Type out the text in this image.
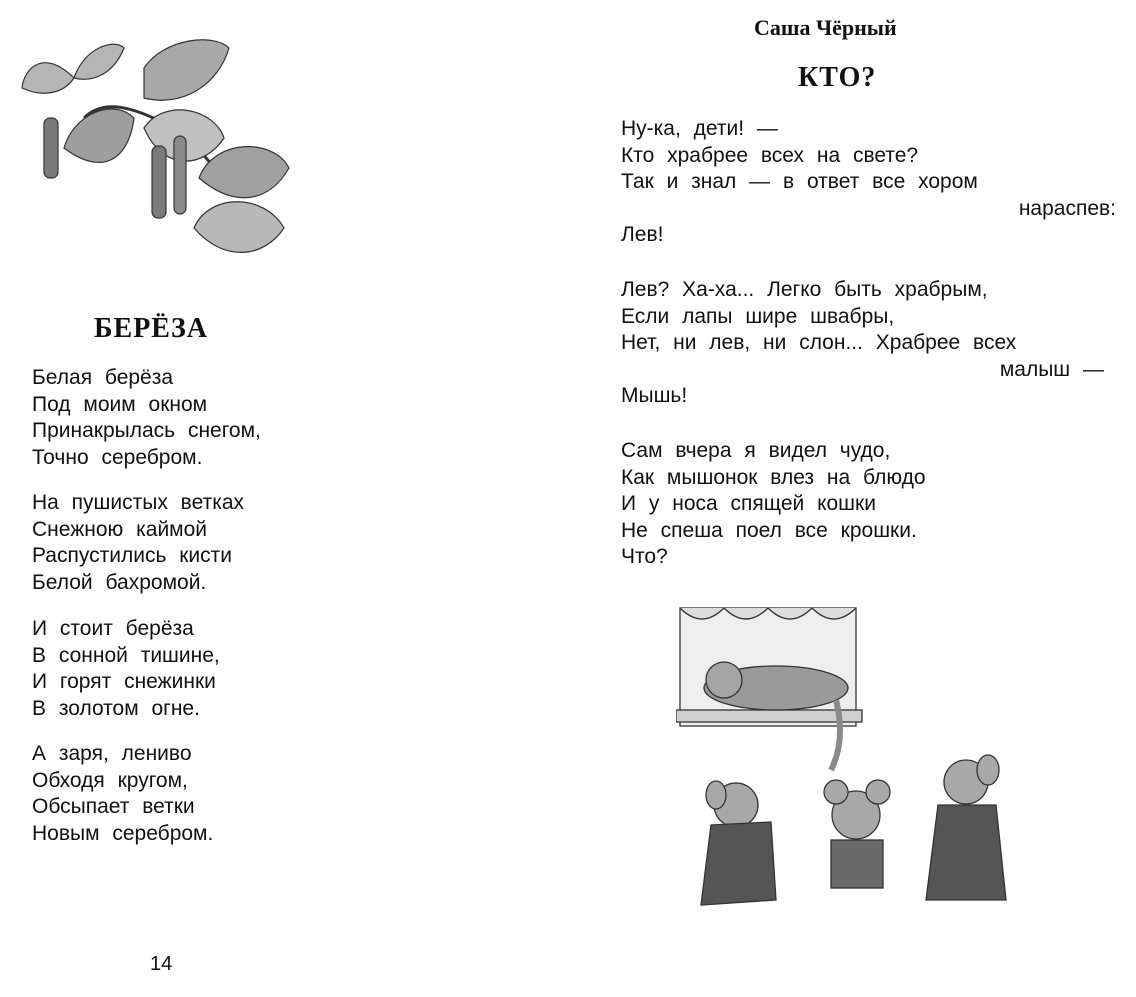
БЕРЁЗА
Белая берёза
Под моим окном
Принакрылась снегом,
Точно серебром.
На пушистых ветках
Снежною каймой
Распустились кисти
Белой бахромой.
И стоит берёза
В сонной тишине,
И горят снежинки
В золотом огне.
А заря, лениво
Обходя кругом,
Обсыпает ветки
Новым серебром.
14
Саша Чёрный
КТО?
Ну-ка, дети! —
Кто храбрее всех на свете?
Так и знал — в ответ все хором
нараспев:
Лев!
Лев? Ха-ха... Легко быть храбрым,
Если лапы шире швабры,
Нет, ни лев, ни слон... Храбрее всех
малыш —
Мышь!
Сам вчера я видел чудо,
Как мышонок влез на блюдо
И у носа спящей кошки
Не спеша поел все крошки.
Что?
